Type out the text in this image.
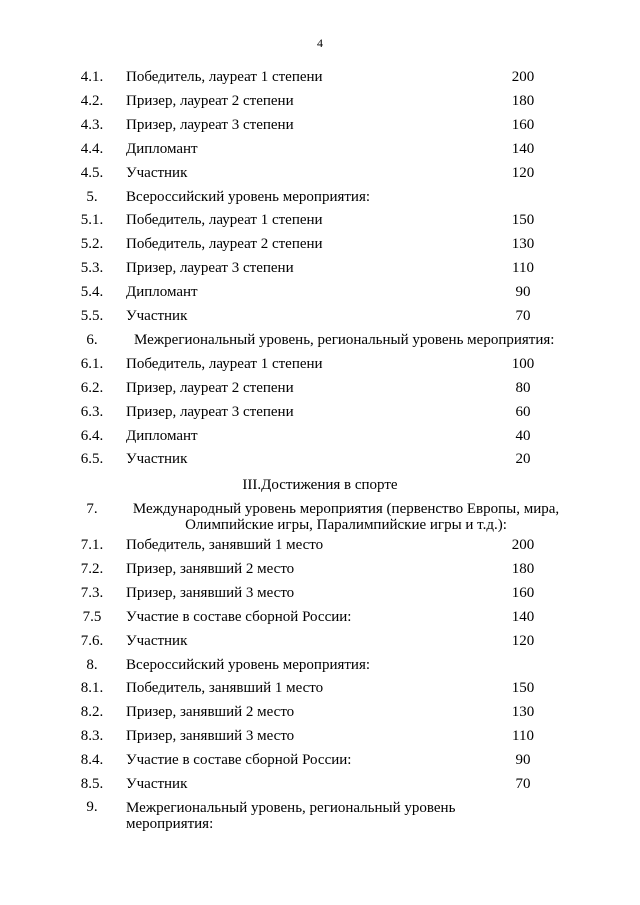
4
4.1.	Победитель, лауреат 1 степени	200
4.2.	Призер, лауреат 2 степени	180
4.3.	Призер, лауреат 3 степени	160
4.4.	Дипломант	140
4.5.	Участник	120
5.	Всероссийский уровень мероприятия:
5.1.	Победитель, лауреат 1 степени	150
5.2.	Победитель, лауреат 2 степени	130
5.3.	Призер, лауреат 3 степени	110
5.4.	Дипломант	90
5.5.	Участник	70
6.	Межрегиональный уровень, региональный уровень мероприятия:
6.1.	Победитель, лауреат 1 степени	100
6.2.	Призер, лауреат 2 степени	80
6.3.	Призер, лауреат 3 степени	60
6.4.	Дипломант	40
6.5.	Участник	20
III.Достижения в спорте
7.	Международный уровень мероприятия (первенство Европы, мира, Олимпийские игры, Паралимпийские игры и т.д.):
7.1.	Победитель, занявший 1 место	200
7.2.	Призер, занявший 2 место	180
7.3.	Призер, занявший 3 место	160
7.5	Участие в составе сборной России:	140
7.6.	Участник	120
8.	Всероссийский уровень мероприятия:
8.1.	Победитель, занявший 1 место	150
8.2.	Призер, занявший 2 место	130
8.3.	Призер, занявший 3 место	110
8.4.	Участие в составе сборной России:	90
8.5.	Участник	70
9.	Межрегиональный уровень, региональный уровень мероприятия:
